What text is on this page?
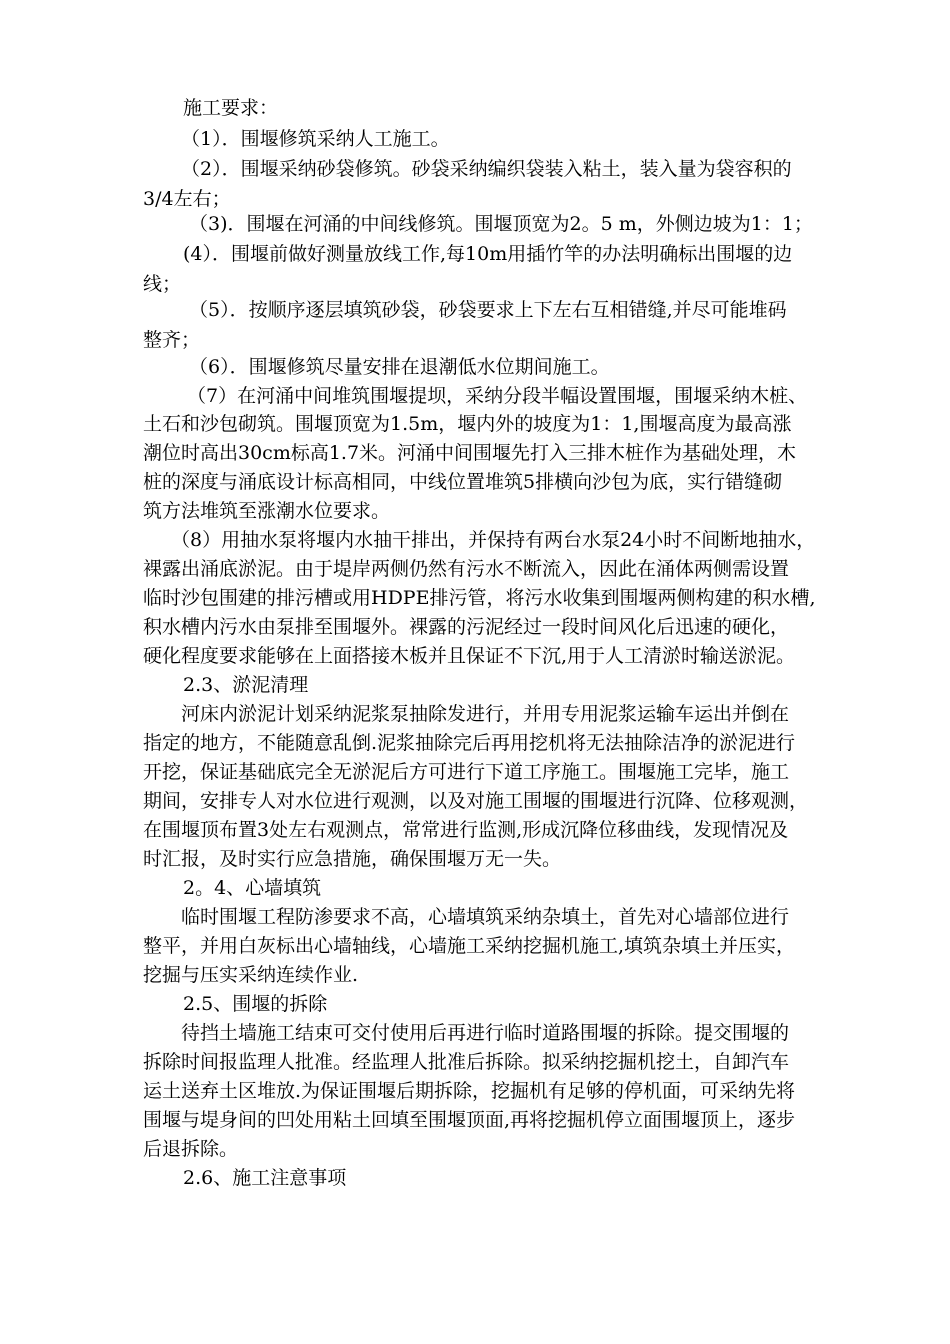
施工要求：

（1）．围堰修筑采纳人工施工。

（2）．围堰采纳砂袋修筑。砂袋采纳编织袋装入粘土，装入量为袋容积的

3/4左右；

（3)．围堰在河涌的中间线修筑。围堰顶宽为2。5 m，外侧边坡为1：1；

(4）．围堰前做好测量放线工作,每10m用插竹竿的办法明确标出围堰的边

线；

（5）．按顺序逐层填筑砂袋，砂袋要求上下左右互相错缝,并尽可能堆码

整齐；

（6）．围堰修筑尽量安排在退潮低水位期间施工。

（7）在河涌中间堆筑围堰提坝，采纳分段半幅设置围堰，围堰采纳木桩、

土石和沙包砌筑。围堰顶宽为1.5m，堰内外的坡度为1：1,围堰高度为最高涨

潮位时高出30cm标高1.7米。河涌中间围堰先打入三排木桩作为基础处理，木

桩的深度与涌底设计标高相同，中线位置堆筑5排横向沙包为底，实行错缝砌

筑方法堆筑至涨潮水位要求。

（8）用抽水泵将堰内水抽干排出，并保持有两台水泵24小时不间断地抽水，

裸露出涌底淤泥。由于堤岸两侧仍然有污水不断流入，因此在涌体两侧需设置

临时沙包围建的排污槽或用HDPE排污管，将污水收集到围堰两侧构建的积水槽,

积水槽内污水由泵排至围堰外。裸露的污泥经过一段时间风化后迅速的硬化，

硬化程度要求能够在上面搭接木板并且保证不下沉,用于人工清淤时输送淤泥。

2.3、淤泥清理

河床内淤泥计划采纳泥浆泵抽除发进行，并用专用泥浆运输车运出并倒在

指定的地方，不能随意乱倒.泥浆抽除完后再用挖机将无法抽除洁净的淤泥进行

开挖，保证基础底完全无淤泥后方可进行下道工序施工。围堰施工完毕，施工

期间，安排专人对水位进行观测，以及对施工围堰的围堰进行沉降、位移观测，

在围堰顶布置3处左右观测点，常常进行监测,形成沉降位移曲线，发现情况及

时汇报，及时实行应急措施，确保围堰万无一失。

2。4、心墙填筑

临时围堰工程防渗要求不高，心墙填筑采纳杂填土，首先对心墙部位进行

整平，并用白灰标出心墙轴线，心墙施工采纳挖掘机施工,填筑杂填土并压实，

挖掘与压实采纳连续作业.

2.5、围堰的拆除

待挡土墙施工结束可交付使用后再进行临时道路围堰的拆除。提交围堰的

拆除时间报监理人批准。经监理人批准后拆除。拟采纳挖掘机挖土，自卸汽车

运土送弃土区堆放.为保证围堰后期拆除，挖掘机有足够的停机面，可采纳先将

围堰与堤身间的凹处用粘土回填至围堰顶面,再将挖掘机停立面围堰顶上，逐步

后退拆除。

2.6、施工注意事项
